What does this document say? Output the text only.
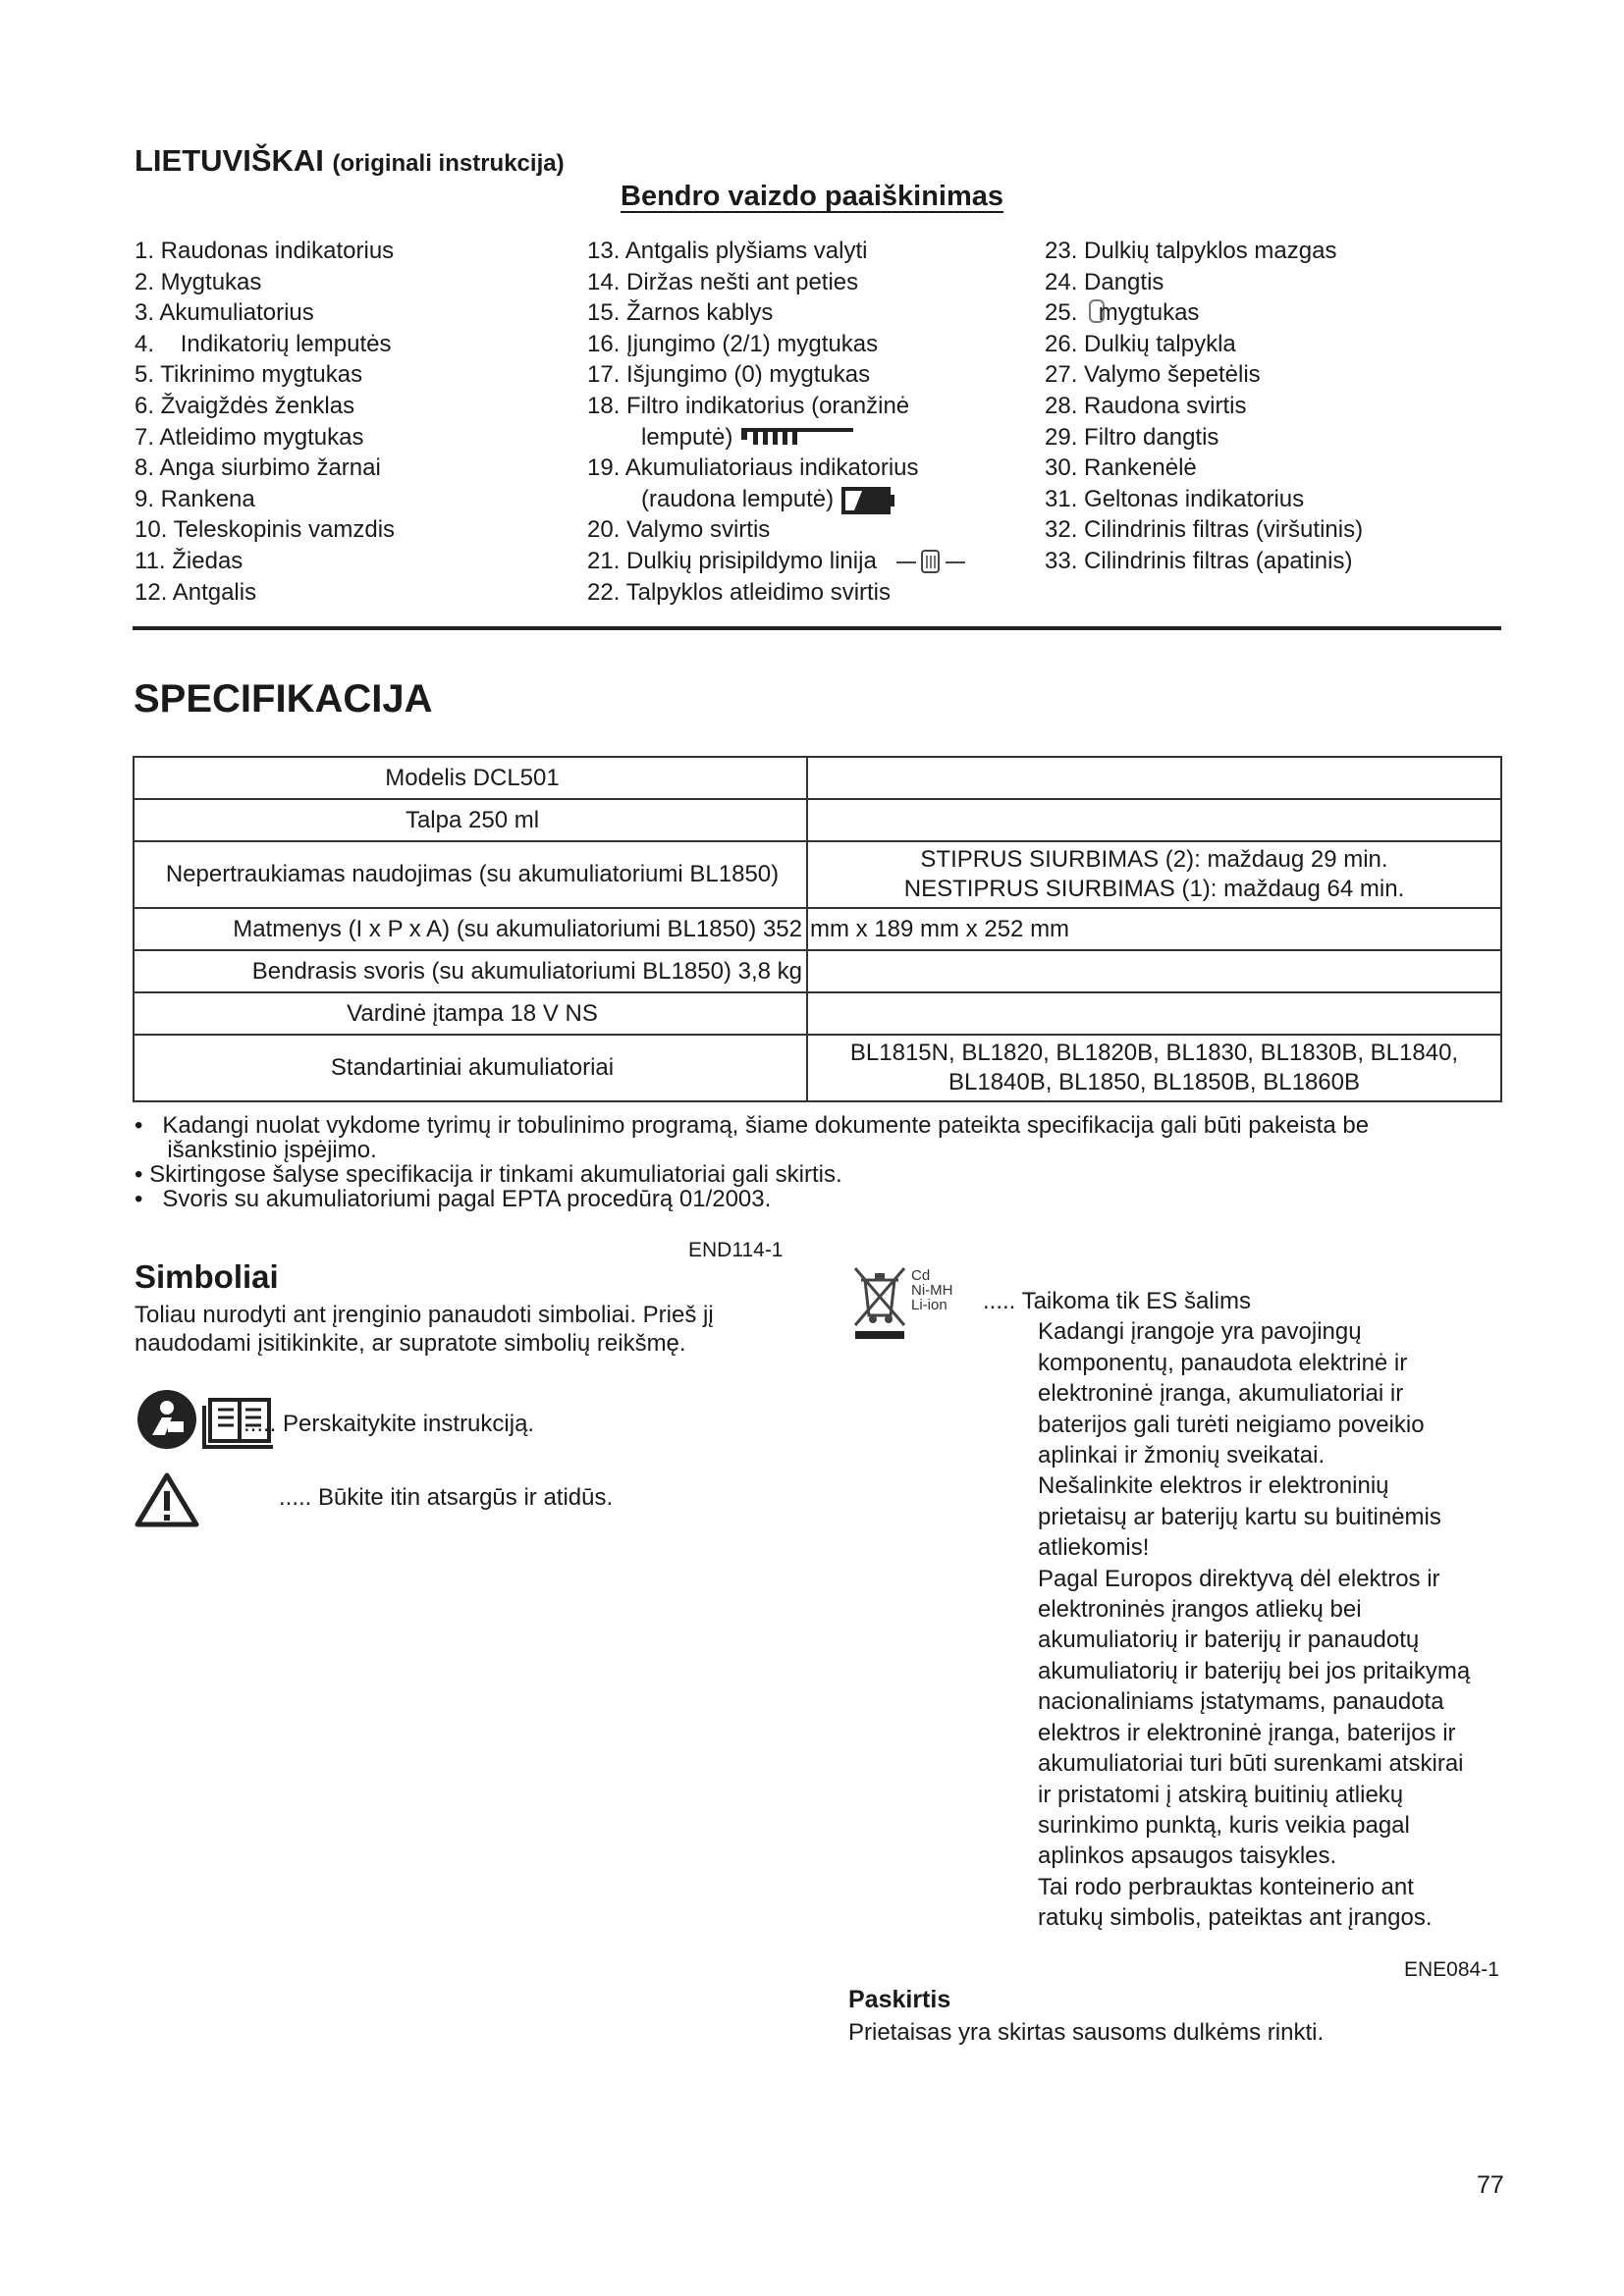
LIETUVIŠKAI (originali instrukcija)
Bendro vaizdo paaiškinimas
1. Raudonas indikatorius
2. Mygtukas
3. Akumuliatorius
4.    Indikatorių lemputės
5. Tikrinimo mygtukas
6. Žvaigždės ženklas
7. Atleidimo mygtukas
8. Anga siurbimo žarnai
9. Rankena
10. Teleskopinis vamzdis
11. Žiedas
12. Antgalis
13. Antgalis plyšiams valyti
14. Diržas nešti ant peties
15. Žarnos kablys
16. Įjungimo (2/1) mygtukas
17. Išjungimo (0) mygtukas
18. Filtro indikatorius (oranžinė
lemputė)
19. Akumuliatoriaus indikatorius
(raudona lemputė)
20. Valymo svirtis
21. Dulkių prisipildymo linija
22. Talpyklos atleidimo svirtis
23. Dulkių talpyklos mazgas
24. Dangtis
25. mygtukas
26. Dulkių talpykla
27. Valymo šepetėlis
28. Raudona svirtis
29. Filtro dangtis
30. Rankenėlė
31. Geltonas indikatorius
32. Cilindrinis filtras (viršutinis)
33. Cilindrinis filtras (apatinis)
SPECIFIKACIJA
Modelis DCL501	
Talpa 250 ml	
Nepertraukiamas naudojimas (su akumuliatoriumi BL1850)	STIPRUS SIURBIMAS (2): maždaug 29 min.
NESTIPRUS SIURBIMAS (1): maždaug 64 min.

Matmenys (I x P x A) (su akumuliatoriumi BL1850) 352	mm x 189 mm x 252 mm
Bendrasis svoris (su akumuliatoriumi BL1850) 3,8 kg	
Vardinė įtampa 18 V NS	
Standartiniai akumuliatoriai	BL1815N, BL1820, BL1820B, BL1830, BL1830B, BL1840,
BL1840B, BL1850, BL1850B, BL1860B
•   Kadangi nuolat vykdome tyrimų ir tobulinimo programą, šiame dokumente pateikta specifikacija gali būti pakeista be
išankstinio įspėjimo.
• Skirtingose šalyse specifikacija ir tinkami akumuliatoriai gali skirtis.
•   Svoris su akumuliatoriumi pagal EPTA procedūrą 01/2003.
END114-1
Simboliai
Toliau nurodyti ant įrenginio panaudoti simboliai. Prieš jį naudodami įsitikinkite, ar supratote simbolių reikšmę.
..... Perskaitykite instrukciją.
..... Būkite itin atsargūs ir atidūs.
Cd
Ni-MH
Li-ion ..... Taikoma tik ES šalims
Kadangi įrangoje yra pavojingų
komponentų, panaudota elektrinė ir
elektroninė įranga, akumuliatoriai ir
baterijos gali turėti neigiamo poveikio
aplinkai ir žmonių sveikatai.
Nešalinkite elektros ir elektroninių
prietaisų ar baterijų kartu su buitinėmis
atliekomis!
Pagal Europos direktyvą dėl elektros ir
elektroninės įrangos atliekų bei
akumuliatorių ir baterijų ir panaudotų
akumuliatorių ir baterijų bei jos pritaikymą
nacionaliniams įstatymams, panaudota
elektros ir elektroninė įranga, baterijos ir
akumuliatoriai turi būti surenkami atskirai
ir pristatomi į atskirą buitinių atliekų
surinkimo punktą, kuris veikia pagal
aplinkos apsaugos taisykles.
Tai rodo perbrauktas konteinerio ant
ratukų simbolis, pateiktas ant įrangos.
ENE084-1
Paskirtis
Prietaisas yra skirtas sausoms dulkėms rinkti.
77
